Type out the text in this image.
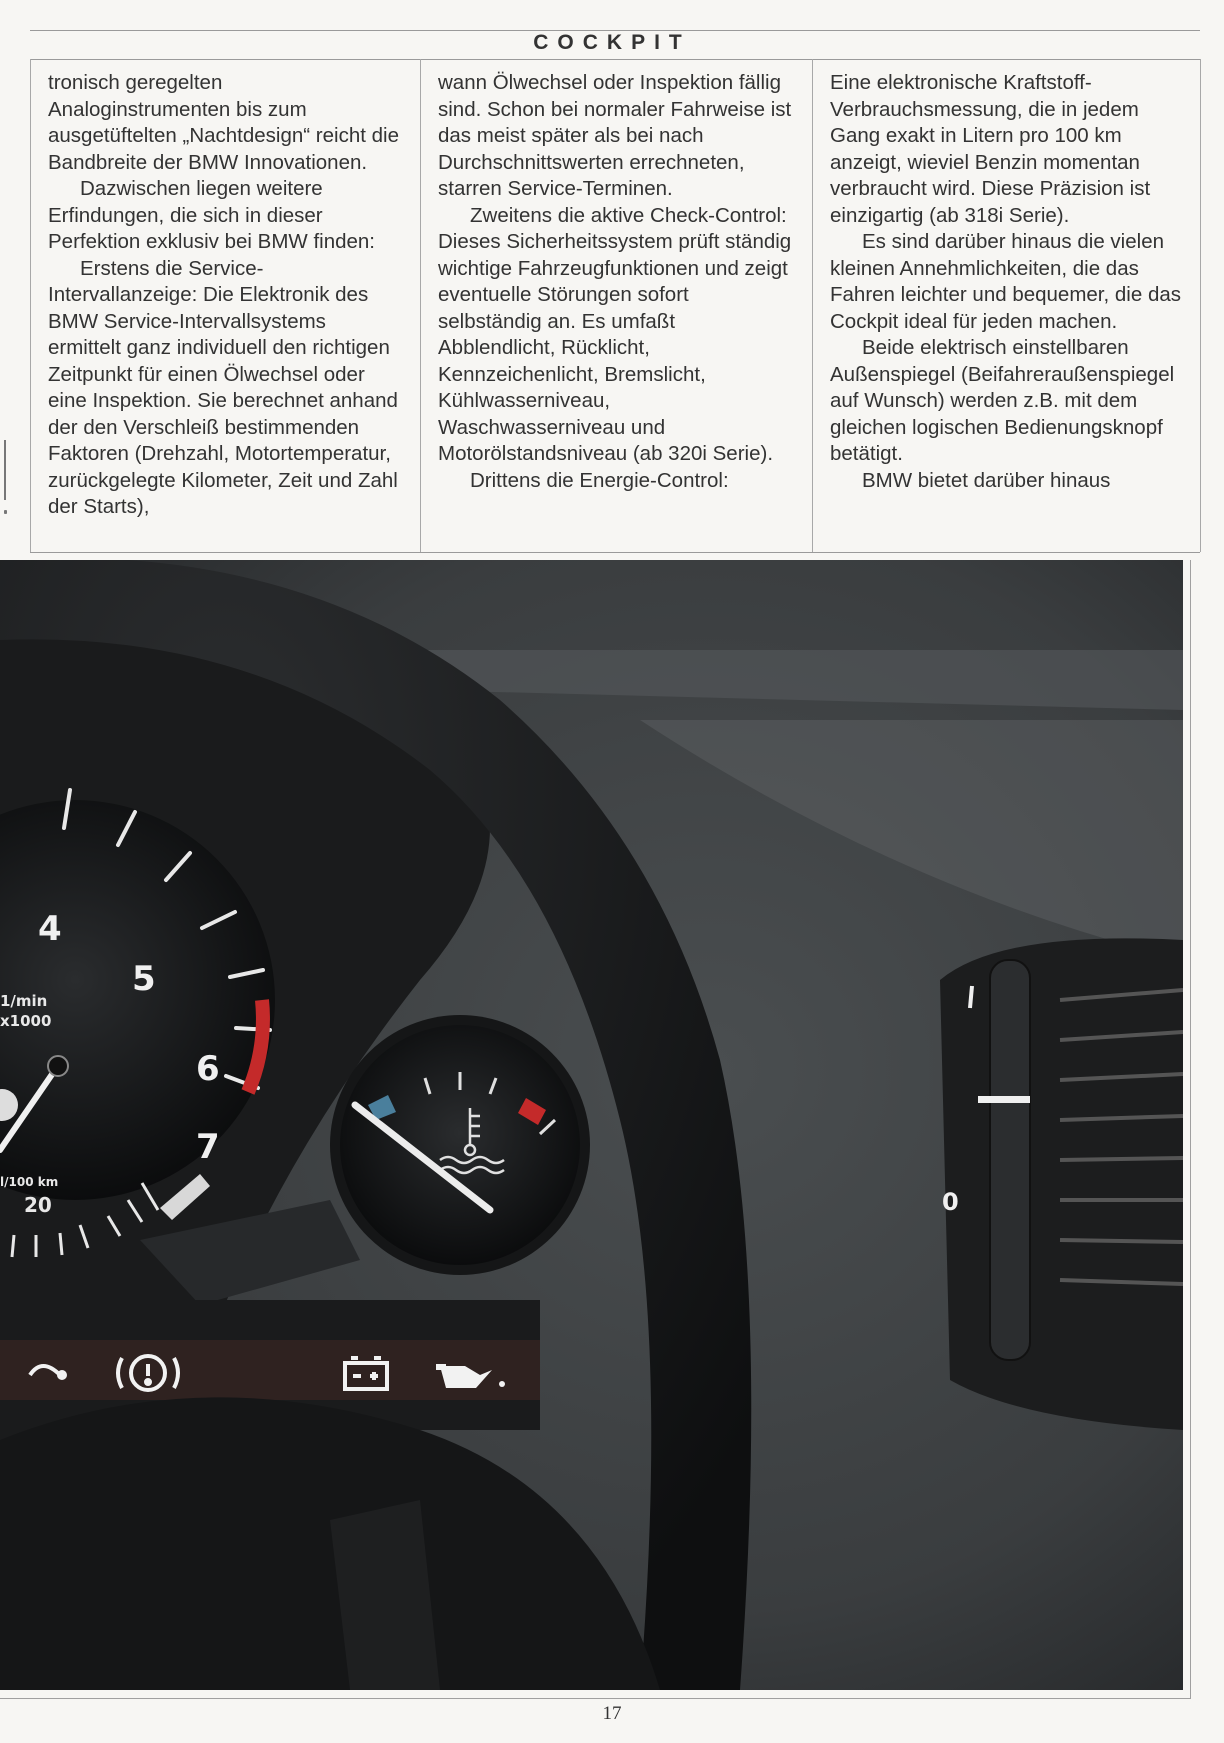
COCKPIT

tronisch geregelten Analoginstrumenten bis zum ausgetüftelten „Nachtdesign“ reicht die Bandbreite der BMW Innovationen.

Dazwischen liegen weitere Erfindungen, die sich in dieser Perfektion exklusiv bei BMW finden:

Erstens die Service-Intervallanzeige: Die Elektronik des BMW Service-Intervallsystems ermittelt ganz individuell den richtigen Zeitpunkt für einen Ölwechsel oder eine Inspektion. Sie berechnet anhand der den Verschleiß bestimmenden Faktoren (Drehzahl, Motortemperatur, zurückgelegte Kilometer, Zeit und Zahl der Starts),

wann Ölwechsel oder Inspektion fällig sind. Schon bei normaler Fahrweise ist das meist später als bei nach Durchschnittswerten errechneten, starren Service-Terminen.

Zweitens die aktive Check-Control: Dieses Sicherheitssystem prüft ständig wichtige Fahrzeugfunktionen und zeigt eventuelle Störungen sofort selbständig an. Es umfaßt Abblendlicht, Rücklicht, Kennzeichenlicht, Bremslicht, Kühlwasserniveau, Waschwasserniveau und Motorölstandsniveau (ab 320i Serie).

Drittens die Energie-Control:

Eine elektronische Kraftstoff-Verbrauchsmessung, die in jedem Gang exakt in Litern pro 100 km anzeigt, wieviel Benzin momentan verbraucht wird. Diese Präzision ist einzigartig (ab 318i Serie).

Es sind darüber hinaus die vielen kleinen Annehmlichkeiten, die das Fahren leichter und bequemer, die das Cockpit ideal für jeden machen.

Beide elektrisch einstellbaren Außenspiegel (Beifahreraußenspiegel auf Wunsch) werden z.B. mit dem gleichen logischen Bedienungsknopf betätigt.

BMW bietet darüber hinaus

4
5
6
7
1/min
x1000
l/100 km
20	0
17
